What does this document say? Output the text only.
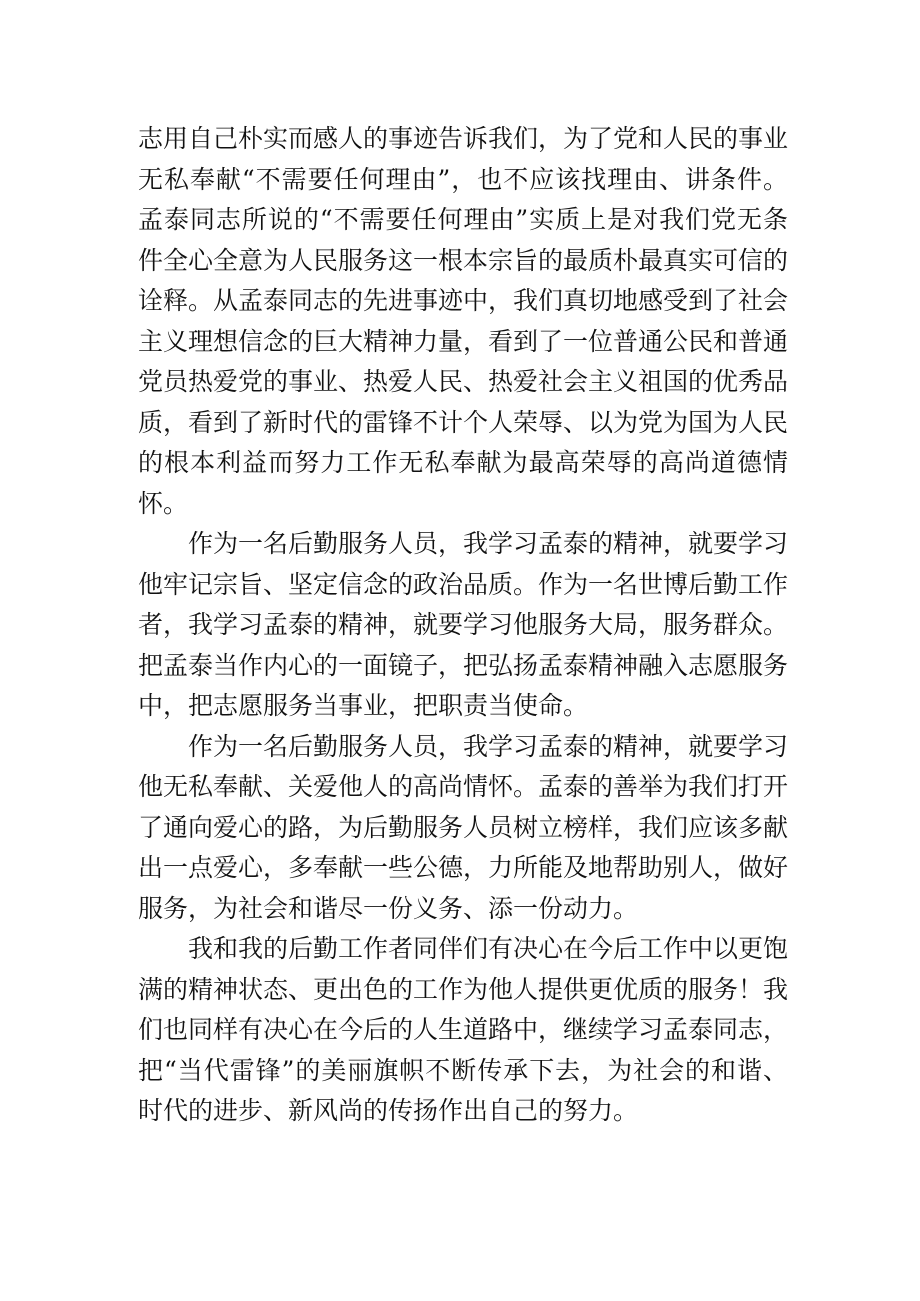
志用自己朴实而感人的事迹告诉我们，为了党和人民的事业无私奉献“不需要任何理由”，也不应该找理由、讲条件。孟泰同志所说的“不需要任何理由”实质上是对我们党无条件全心全意为人民服务这一根本宗旨的最质朴最真实可信的诠释。从孟泰同志的先进事迹中，我们真切地感受到了社会主义理想信念的巨大精神力量，看到了一位普通公民和普通党员热爱党的事业、热爱人民、热爱社会主义祖国的优秀品质，看到了新时代的雷锋不计个人荣辱、以为党为国为人民的根本利益而努力工作无私奉献为最高荣辱的高尚道德情怀。

作为一名后勤服务人员，我学习孟泰的精神，就要学习他牢记宗旨、坚定信念的政治品质。作为一名世博后勤工作者，我学习孟泰的精神，就要学习他服务大局，服务群众。把孟泰当作内心的一面镜子，把弘扬孟泰精神融入志愿服务中，把志愿服务当事业，把职责当使命。

作为一名后勤服务人员，我学习孟泰的精神，就要学习他无私奉献、关爱他人的高尚情怀。孟泰的善举为我们打开了通向爱心的路，为后勤服务人员树立榜样，我们应该多献出一点爱心，多奉献一些公德，力所能及地帮助别人，做好服务，为社会和谐尽一份义务、添一份动力。

我和我的后勤工作者同伴们有决心在今后工作中以更饱满的精神状态、更出色的工作为他人提供更优质的服务！我们也同样有决心在今后的人生道路中，继续学习孟泰同志，把“当代雷锋”的美丽旗帜不断传承下去，为社会的和谐、时代的进步、新风尚的传扬作出自己的努力。
